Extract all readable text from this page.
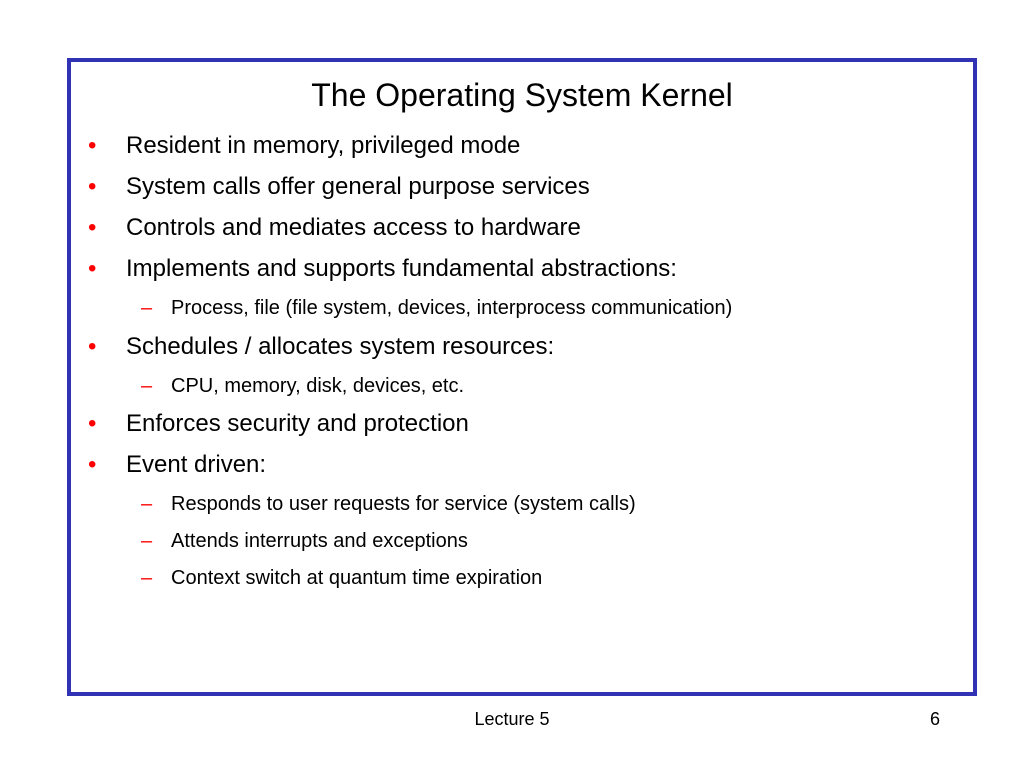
The Operating System Kernel
• Resident in memory, privileged mode
• System calls offer general purpose services
• Controls and mediates access to hardware
• Implements and supports fundamental abstractions:
– Process, file (file system, devices, interprocess communication)
• Schedules / allocates system resources:
– CPU, memory, disk, devices, etc.
• Enforces security and protection
• Event driven:
– Responds to user requests for service (system calls)
– Attends interrupts and exceptions
– Context switch at quantum time expiration
Lecture 5	6
